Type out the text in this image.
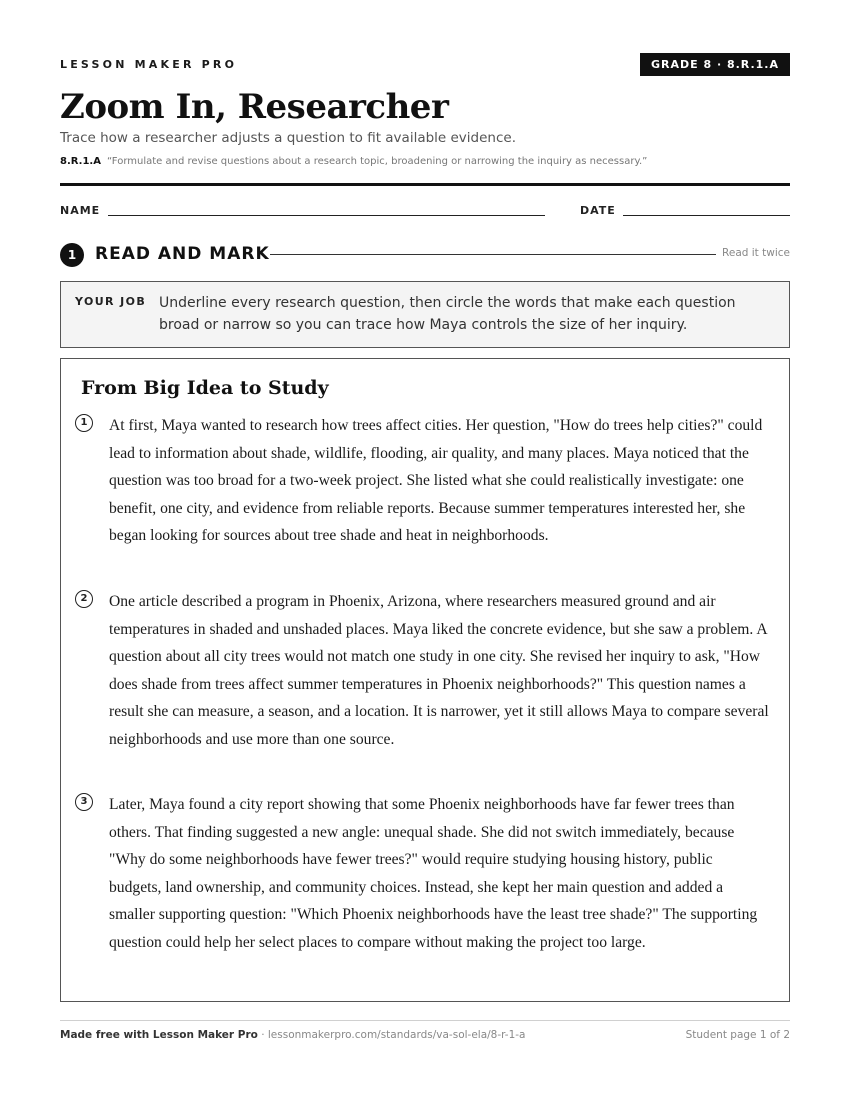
LESSON MAKER PRO	GRADE 8 · 8.R.1.A
Zoom In, Researcher
Trace how a researcher adjusts a question to fit available evidence.
8.R.1.A “Formulate and revise questions about a research topic, broadening or narrowing the inquiry as necessary.”
NAME	DATE
1	READ AND MARK	Read it twice
YOUR JOB Underline every research question, then circle the words that make each question broad or narrow so you can trace how Maya controls the size of her inquiry.
From Big Idea to Study
1	At first, Maya wanted to research how trees affect cities. Her question, "How do trees help cities?" could lead to information about shade, wildlife, flooding, air quality, and many places. Maya noticed that the question was too broad for a two-week project. She listed what she could realistically investigate: one benefit, one city, and evidence from reliable reports. Because summer temperatures interested her, she began looking for sources about tree shade and heat in neighborhoods.

2	One article described a program in Phoenix, Arizona, where researchers measured ground and air temperatures in shaded and unshaded places. Maya liked the concrete evidence, but she saw a problem. A question about all city trees would not match one study in one city. She revised her inquiry to ask, "How does shade from trees affect summer temperatures in Phoenix neighborhoods?" This question names a result she can measure, a season, and a location. It is narrower, yet it still allows Maya to compare several neighborhoods and use more than one source.

3	Later, Maya found a city report showing that some Phoenix neighborhoods have far fewer trees than others. That finding suggested a new angle: unequal shade. She did not switch immediately, because "Why do some neighborhoods have fewer trees?" would require studying housing history, public budgets, land ownership, and community choices. Instead, she kept her main question and added a smaller supporting question: "Which Phoenix neighborhoods have the least tree shade?" The supporting question could help her select places to compare without making the project too large.

Made free with Lesson Maker Pro · lessonmakerpro.com/standards/va-sol-ela/8-r-1-a	Student page 1 of 2
